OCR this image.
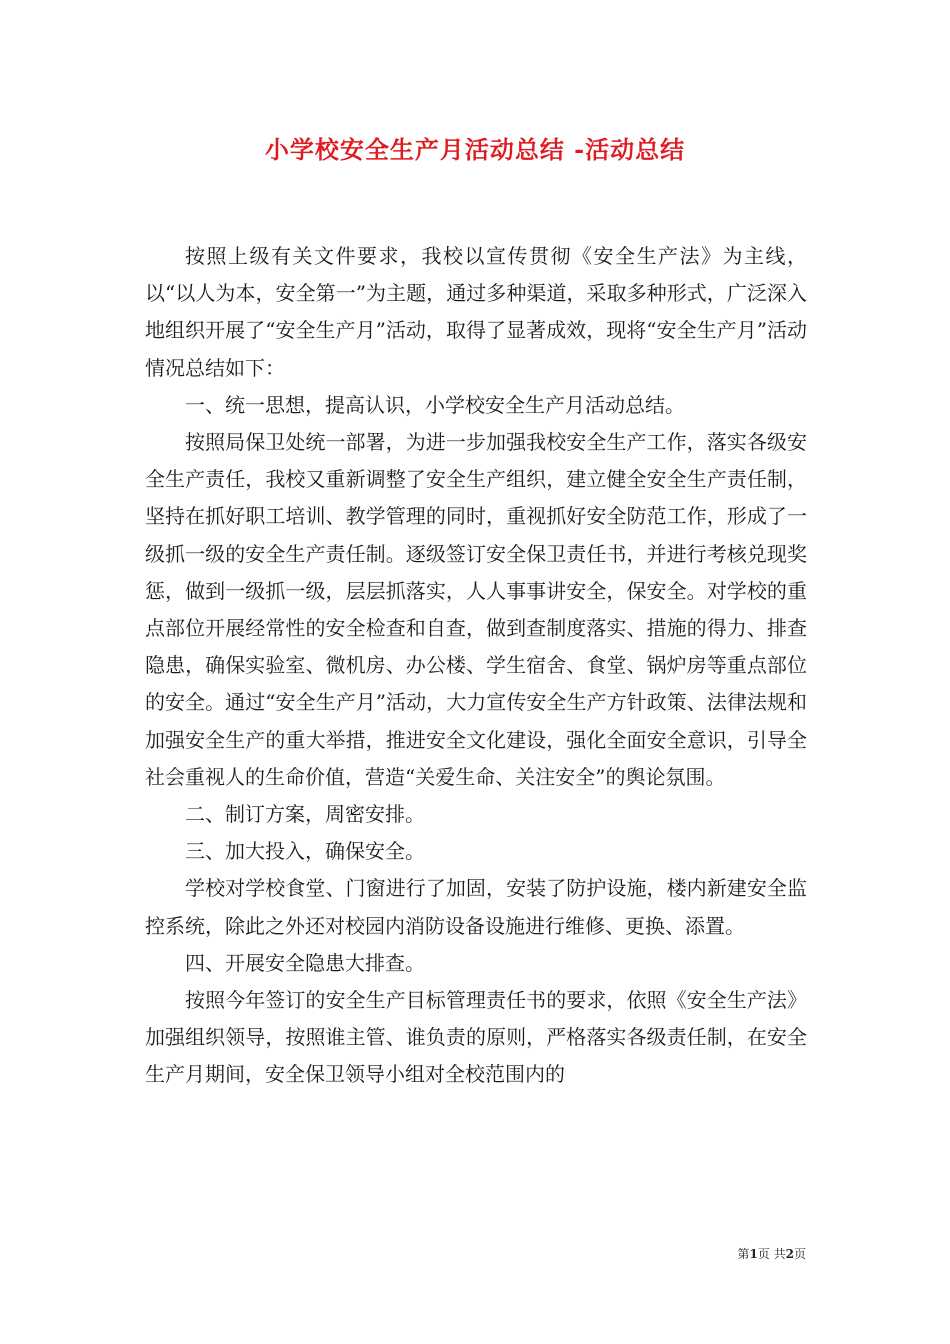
小学校安全生产月活动总结 -活动总结

按照上级有关文件要求，我校以宣传贯彻《安全生产法》为主线，以“以人为本，安全第一”为主题，通过多种渠道，采取多种形式，广泛深入地组织开展了“安全生产月”活动，取得了显著成效，现将“安全生产月”活动情况总结如下：

一、统一思想，提高认识，小学校安全生产月活动总结。

按照局保卫处统一部署，为进一步加强我校安全生产工作，落实各级安全生产责任，我校又重新调整了安全生产组织，建立健全安全生产责任制，坚持在抓好职工培训、教学管理的同时，重视抓好安全防范工作，形成了一级抓一级的安全生产责任制。逐级签订安全保卫责任书，并进行考核兑现奖惩，做到一级抓一级，层层抓落实，人人事事讲安全，保安全。对学校的重点部位开展经常性的安全检查和自查，做到查制度落实、措施的得力、排查隐患，确保实验室、微机房、办公楼、学生宿舍、食堂、锅炉房等重点部位的安全。通过“安全生产月”活动，大力宣传安全生产方针政策、法律法规和加强安全生产的重大举措，推进安全文化建设，强化全面安全意识，引导全社会重视人的生命价值，营造“关爱生命、关注安全”的舆论氛围。

二、制订方案，周密安排。

三、加大投入，确保安全。

学校对学校食堂、门窗进行了加固，安装了防护设施，楼内新建安全监控系统，除此之外还对校园内消防设备设施进行维修、更换、添置。

四、开展安全隐患大排查。

按照今年签订的安全生产目标管理责任书的要求，依照《安全生产法》加强组织领导，按照谁主管、谁负责的原则，严格落实各级责任制，在安全生产月期间，安全保卫领导小组对全校范围内的

第1页 共2页
